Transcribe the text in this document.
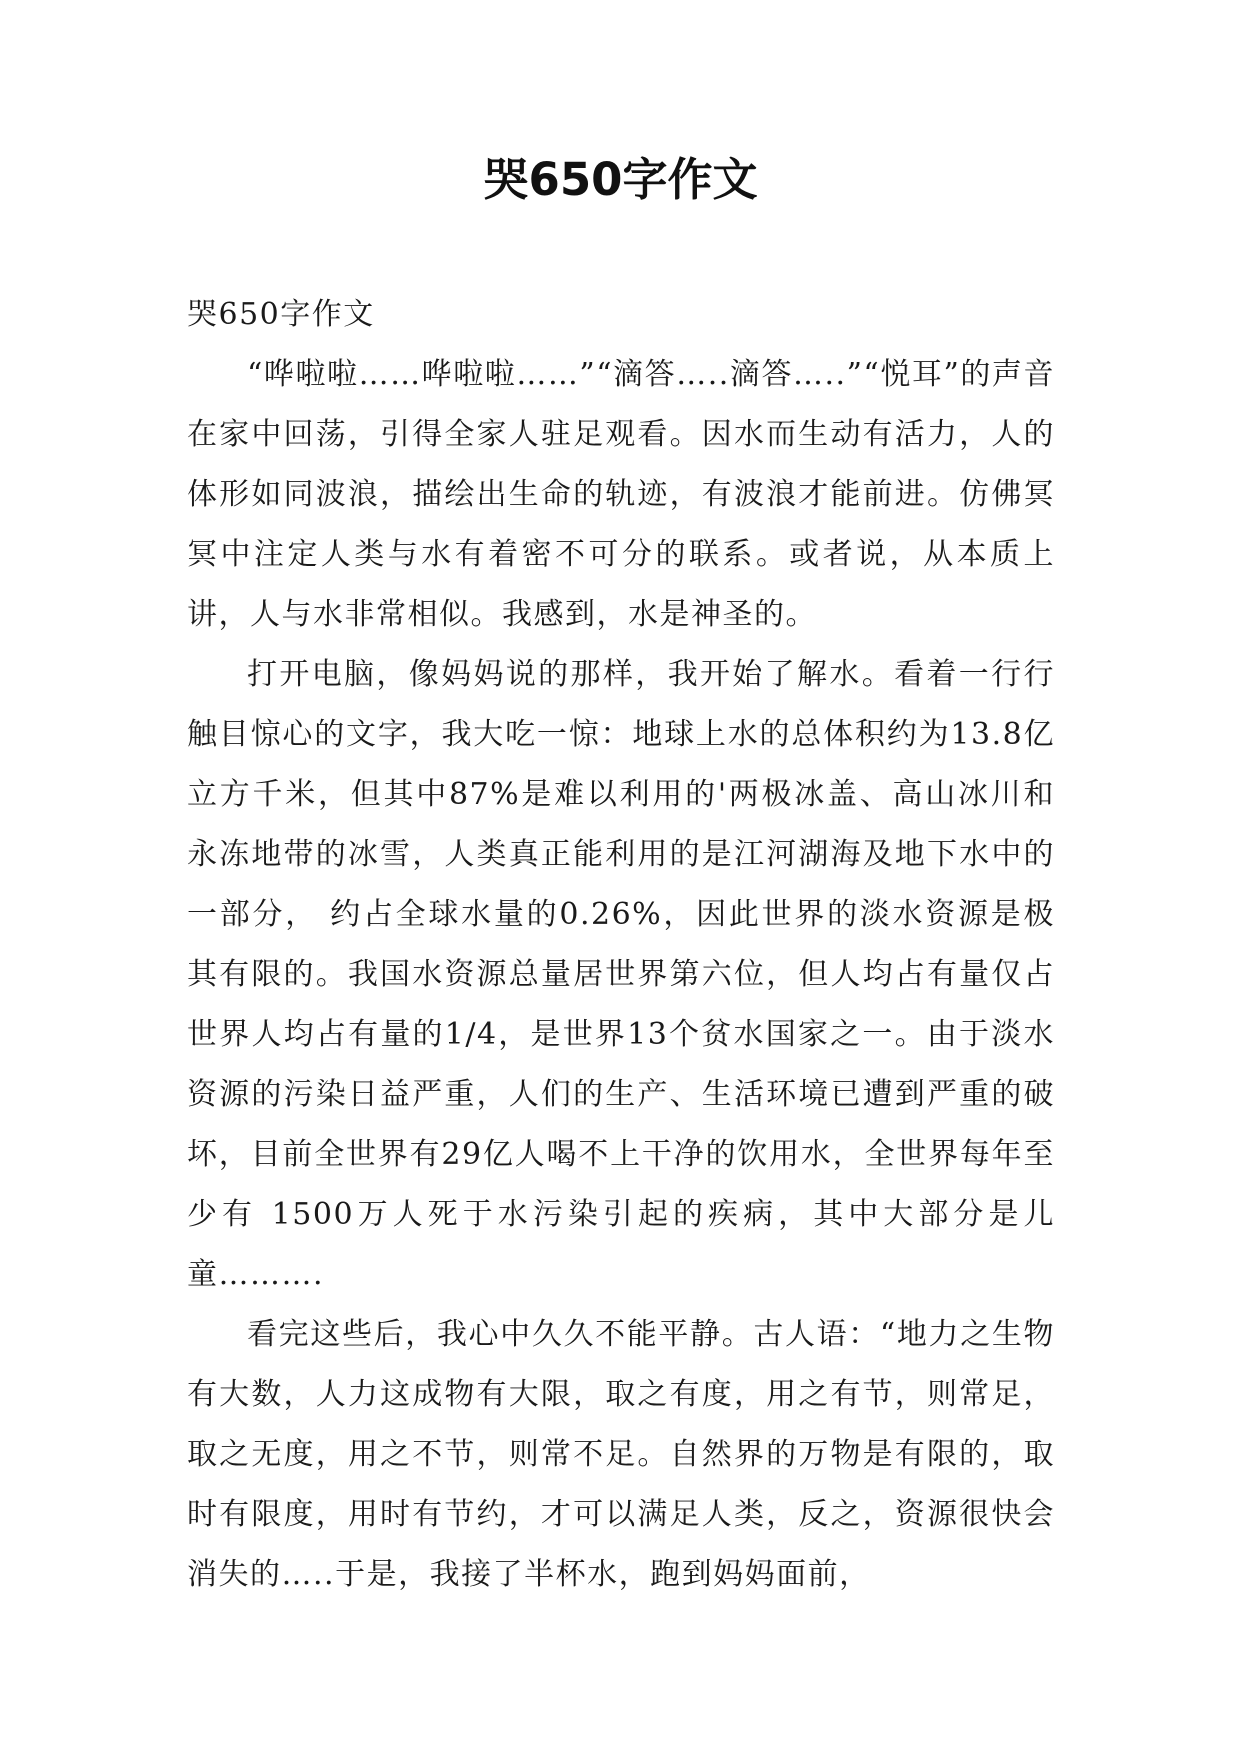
哭650字作文

哭650字作文

“哗啦啦……哗啦啦……”“滴答…..滴答…..”“悦耳”的声音在家中回荡，引得全家人驻足观看。因水而生动有活力，人的体形如同波浪，描绘出生命的轨迹，有波浪才能前进。仿佛冥冥中注定人类与水有着密不可分的联系。或者说，从本质上讲，人与水非常相似。我感到，水是神圣的。

打开电脑，像妈妈说的那样，我开始了解水。看着一行行触目惊心的文字，我大吃一惊：地球上水的总体积约为13.8亿立方千米，但其中87%是难以利用的'两极冰盖、高山冰川和永冻地带的冰雪，人类真正能利用的是江河湖海及地下水中的一部分， 约占全球水量的0.26%，因此世界的淡水资源是极其有限的。我国水资源总量居世界第六位，但人均占有量仅占世界人均占有量的1/4，是世界13个贫水国家之一。由于淡水资源的污染日益严重，人们的生产、生活环境已遭到严重的破坏，目前全世界有29亿人喝不上干净的饮用水，全世界每年至少有 1500万人死于水污染引起的疾病，其中大部分是儿童……….

看完这些后，我心中久久不能平静。古人语：“地力之生物有大数，人力这成物有大限，取之有度，用之有节，则常足，取之无度，用之不节，则常不足。自然界的万物是有限的，取时有限度，用时有节约，才可以满足人类，反之，资源很快会消失的…..于是，我接了半杯水，跑到妈妈面前，
